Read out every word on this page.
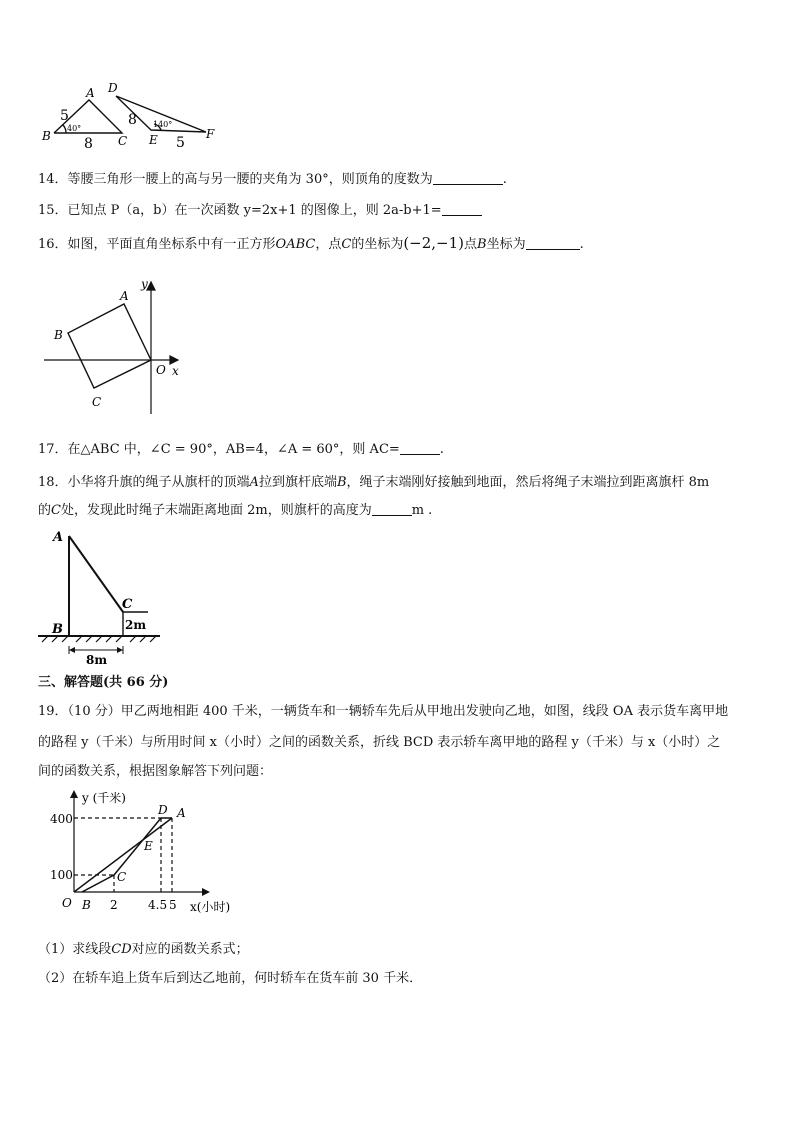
A
B	C
D
E	F
5
8
40°
8
5
140°
14．等腰三角形一腰上的高与另一腰的夹角为 30°，则顶角的度数为	.
15．已知点 P（a，b）在一次函数 y=2x+1 的图像上，则 2a-b+1=
16．如图，平面直角坐标系中有一正方形OABC，点C的坐标为(−2,−1)点B坐标为	.
y
x
O
A
B
C
17．在△ABC 中，∠C = 90°，AB=4，∠A = 60°，则 AC=	.
18．小华将升旗的绳子从旗杆的顶端A拉到旗杆底端B，绳子末端刚好接触到地面，然后将绳子末端拉到距离旗杆 8m
的C处，发现此时绳子末端距离地面 2m，则旗杆的高度为	m .
A
B
C
2m
8m
三、解答题(共 66 分)
19．（10 分）甲乙两地相距 400 千米，一辆货车和一辆轿车先后从甲地出发驶向乙地，如图，线段 OA 表示货车离甲地
的路程 y（千米）与所用时间 x（小时）之间的函数关系，折线 BCD 表示轿车离甲地的路程 y（千米）与 x（小时）之
间的函数关系，根据图象解答下列问题：
y (千米)
x(小时)
400
100
2	4.5 5
O B
C
D
E
A
（1）求线段CD对应的函数关系式；
（2）在轿车追上货车后到达乙地前，何时轿车在货车前 30 千米．
